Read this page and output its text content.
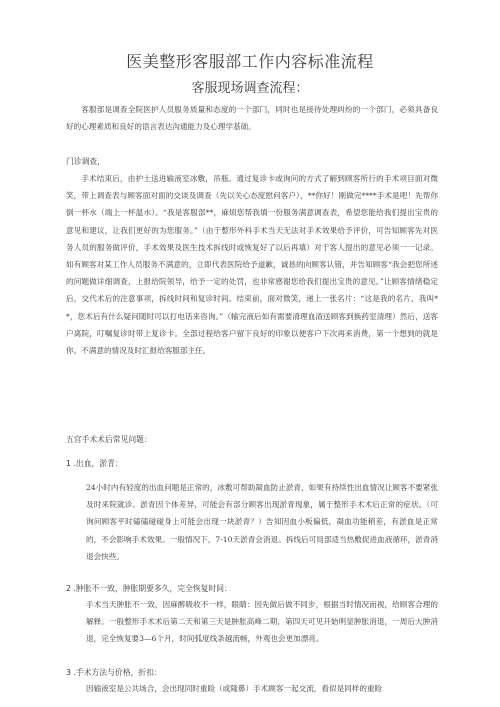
医美整形客服部工作内容标准流程
客服现场调查流程：
客服部是调查全院医护人员服务质量和态度的一个部门，同时也是接待处理纠纷的一个部门，必须具备良好的心理素质和良好的语言表达沟通能力及心理学基础。
门诊调查，
手术结束后，由护士送进输液室冰敷，吊瓶。通过复诊卡或询问的方式了解到顾客所行的手术项目面对微笑，带上调查表与顾客面对面的交谈及调查（先以关心态度慰问客户），**你好！刚做完****手术是吧！先帮你倒一杯水（端上一杯温水）。“我是客服部**，麻烦您帮我填一份服务满意调查表，希望您能给我们提出宝贵的意见和建议，让我们更好的为您服务。”（由于整形外科手术当天无法对手术效果给予评价，可告知顾客先对医务人员的服务做评价，手术效果及医生技术拆线时或恢复好了以后再填）对于客人提出的意见必须一一记录。如有顾客对某工作人员服务不满意的，立即代表医院给予道歉，诚恳的向顾客认错，并告知顾客“我会把您所述的问题做详细调查，上报给院领导，给予一定的处罚，也非常感谢您给我们提出宝贵的意见。”让顾客情绪稳定后，交代术后的注意事项，拆线时间和复诊时间。结束前，面对微笑，递上一张名片：“这是我的名片，我叫**，您术后有什么疑问随时可以打电话来咨询。”（输完液后如有需要清理血渣送顾客到换药室清理）然后，送客户离院，叮嘱复诊时带上复诊卡。全部过程给客户留下良好的印象以便客户下次再来消费，第一个想到的就是你。不满意的情况及时汇报给客服部主任。
五官手术术后常见问题：
1 .出血，淤青：
24小时内有轻度的出血问题是正常的，冰敷可帮助凝血防止淤青，如果有持续性出血情况让顾客不要紧张及时来院就诊。淤青因个体差异，可能会有部分顾客出现淤青现象，属于整形手术术后正常的症状。（可询问顾客平时磕磕碰碰身上可能会出现一块淤青？）告知因血小板偏低，凝血功能稍差，有淤血是正常的，不会影响手术效果。一般情况下，7-10天淤青会消退。拆线后可局部适当热敷促进血液循环，淤青消退会快些。
2 .肿胀不一致，肿胀期要多久，完全恢复时间：
手术当天肿胀不一致，因麻醉吸收不一样，眼睛：因先做后做不同步，根据当时情况而视，给顾客合理的解释。一般整形手术术后第二天和第三天是肿胀高峰二期，第四天可见开始明显肿胀消退，一周后大肿消退，完全恢复要3—6个月，时间弧度线条越流畅，外观也会更加漂亮。
3 .手术方法与价格，折扣：
因输液室是公共场合，会出现同时重睑（或隆鼻）手术顾客一起交流，看似是同样的重睑
